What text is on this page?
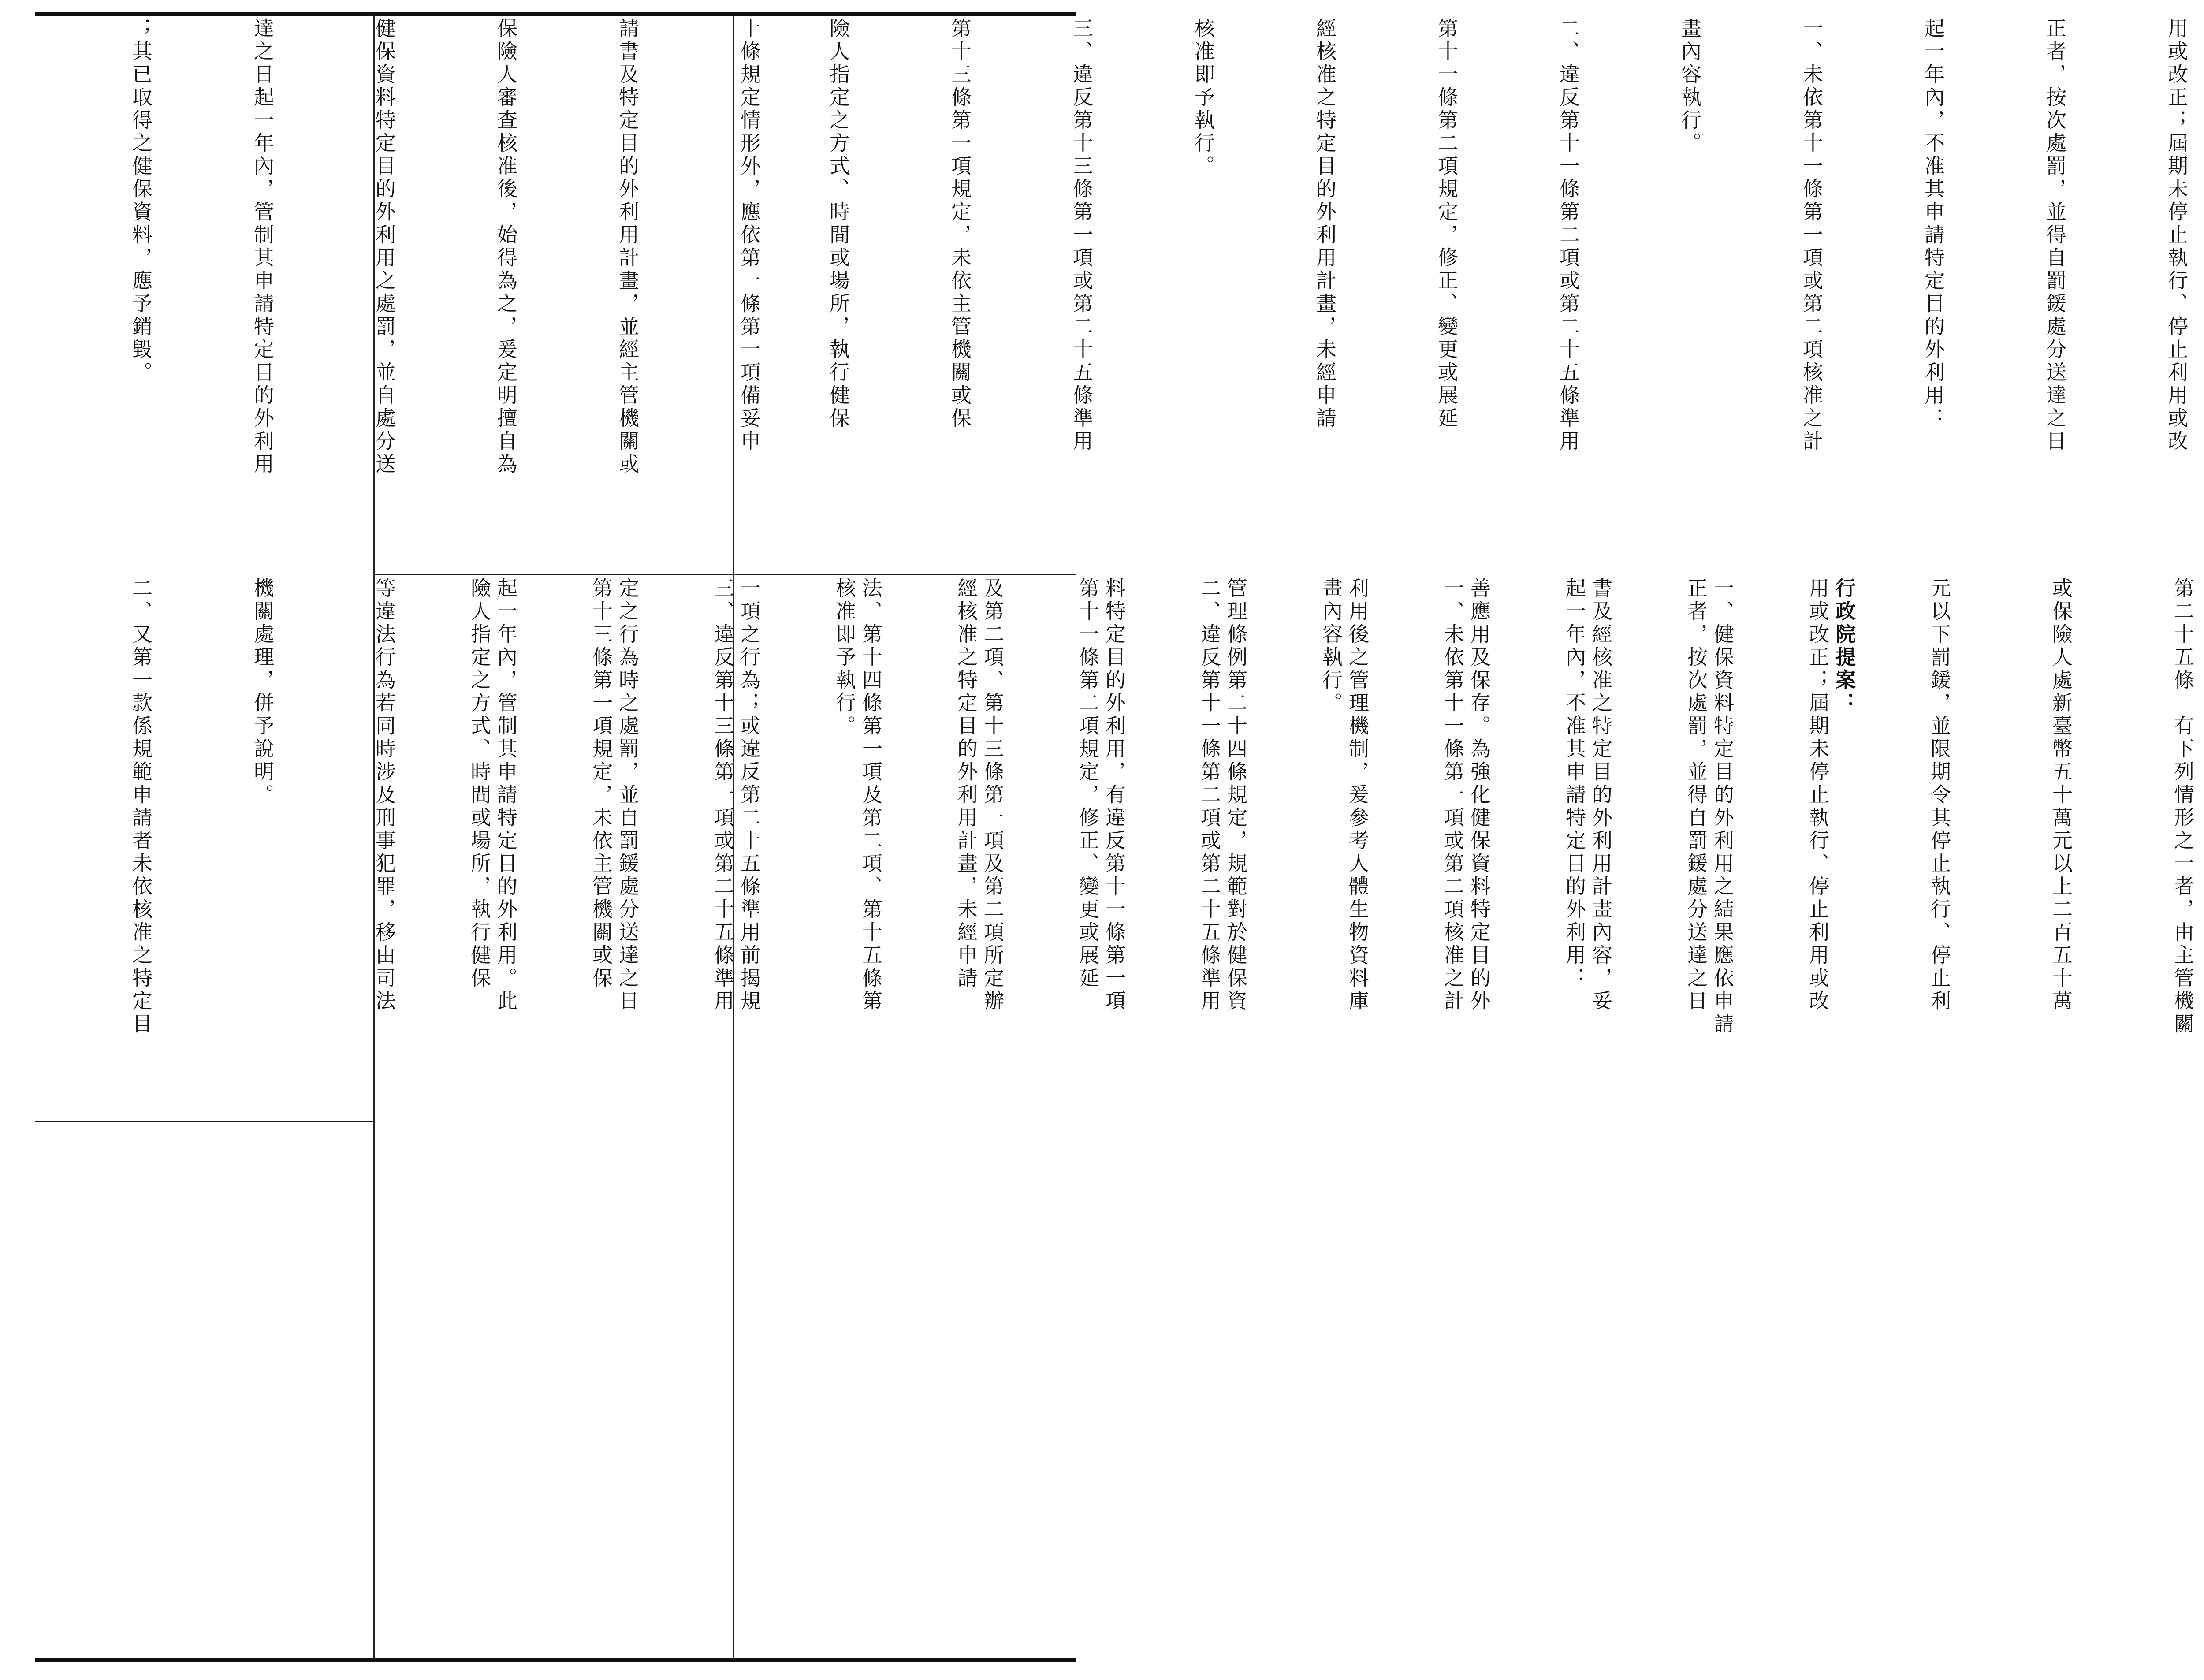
十條規定情形外，應依第一條第一項備妥申

請書及特定目的外利用計畫，並經主管機關或

保險人審查核准後，始得為之，爰定明擅自為

健保資料特定目的外利用之處罰，並自處分送

達之日起一年內，管制其申請特定目的外利用

；其已取得之健保資料，應予銷毀。

行政院提案：

一、健保資料特定目的外利用之結果應依申請

書及經核准之特定目的外利用計畫內容，妥

善應用及保存。為強化健保資料特定目的外

利用後之管理機制，爰參考人體生物資料庫

管理條例第二十四條規定，規範對於健保資

料特定目的外利用，有違反第十一條第一項

及第二項、第十三條第一項及第二項所定辦

法、第十四條第一項及第二項、第十五條第

一項之行為；或違反第二十五條準用前揭規

定之行為時之處罰，並自罰鍰處分送達之日

起一年內，管制其申請特定目的外利用。此

等違法行為若同時涉及刑事犯罪，移由司法

機關處理，併予說明。

二、又第一款係規範申請者未依核准之特定目

	第二十五條　有下列情形之一者，由主管機關

或保險人處新臺幣五十萬元以上二百五十萬

元以下罰鍰，並限期令其停止執行、停止利

用或改正；屆期未停止執行、停止利用或改

正者，按次處罰，並得自罰鍰處分送達之日

起一年內，不准其申請特定目的外利用：

一、未依第十一條第一項或第二項核准之計

畫內容執行。

二、違反第十一條第二項或第二十五條準用

第十一條第二項規定，修正、變更或展延

經核准之特定目的外利用計畫，未經申請

核准即予執行。

三、違反第十三條第一項或第二十五條準用

第十三條第一項規定，未依主管機關或保

險人指定之方式、時間或場所，執行健保

用或改正；屆期未停止執行、停止利用或改

正者，按次處罰，並得自罰鍰處分送達之日

起一年內，不准其申請特定目的外利用：

一、未依第十一條第一項或第二項核准之計

畫內容執行。

二、違反第十一條第二項或第二十五條準用

第十一條第二項規定，修正、變更或展延

經核准之特定目的外利用計畫，未經申請

核准即予執行。

三、違反第十三條第一項或第二十五條準用

第十三條第一項規定，未依主管機關或保

險人指定之方式、時間或場所，執行健保
